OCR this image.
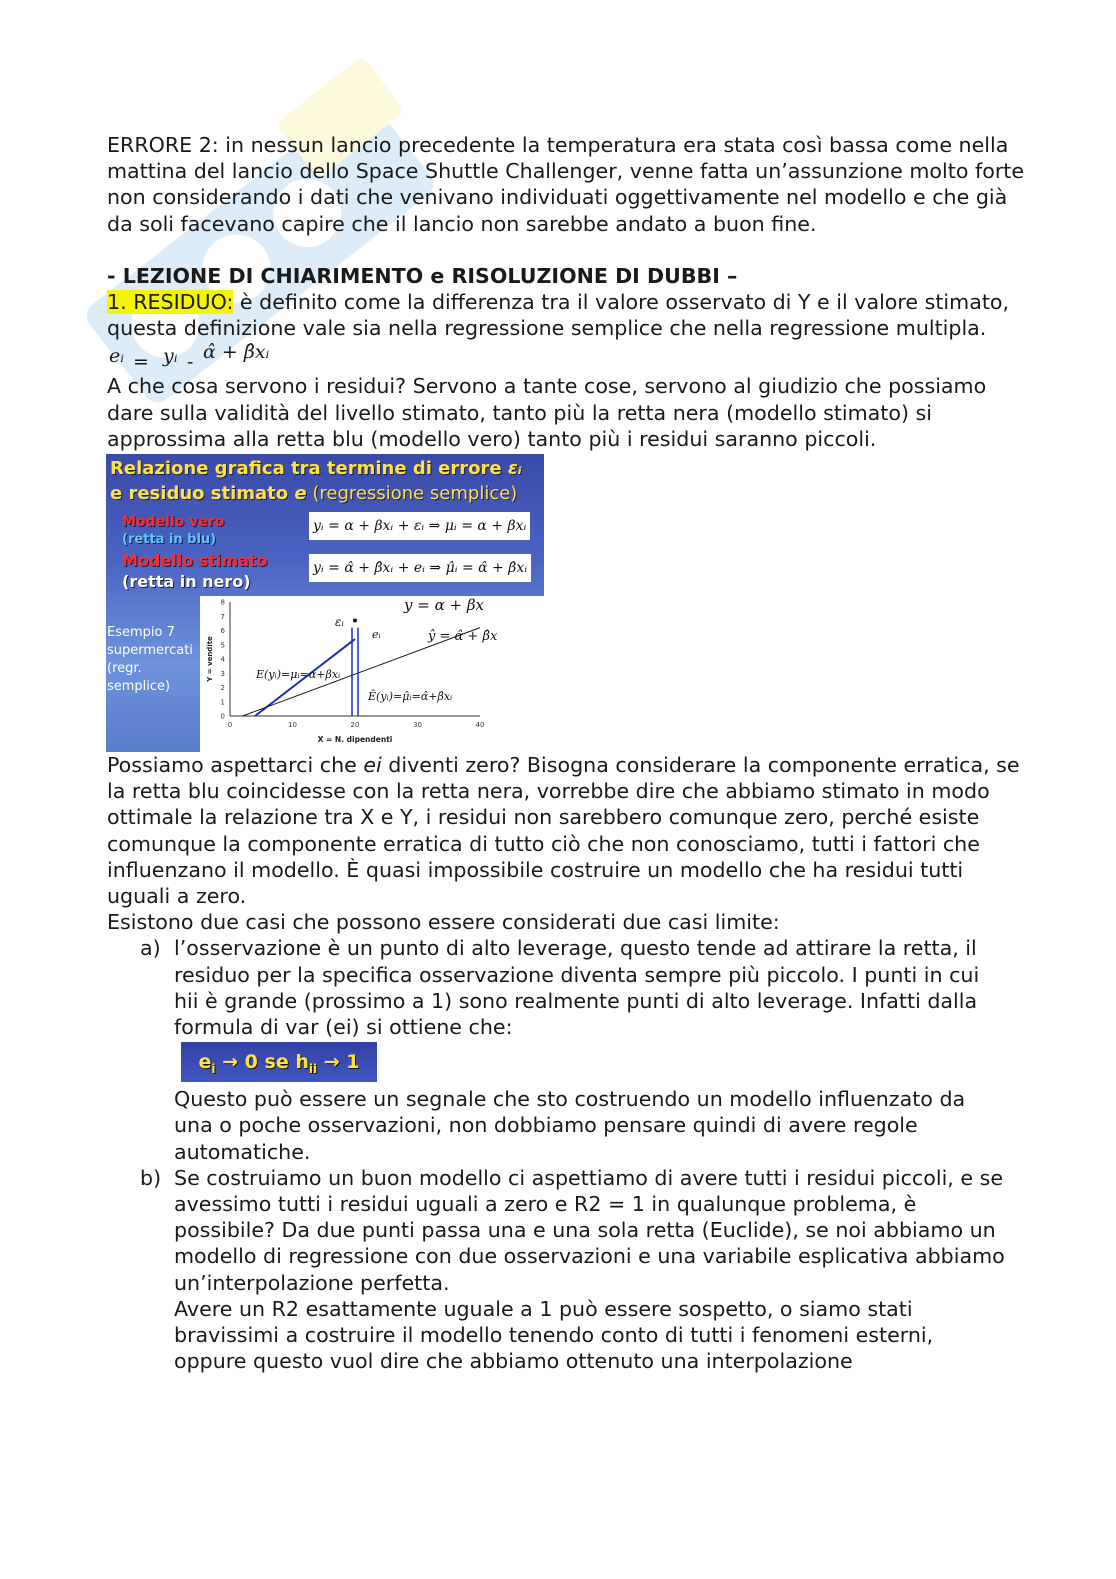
ERRORE 2: in nessun lancio precedente la temperatura era stata così bassa come nella mattina del lancio dello Space Shuttle Challenger, venne fatta un’assunzione molto forte non considerando i dati che venivano individuati oggettivamente nel modello e che già da soli facevano capire che il lancio non sarebbe andato a buon fine.

- LEZIONE DI CHIARIMENTO e RISOLUZIONE DI DUBBI –

1. RESIDUO: è definito come la differenza tra il valore osservato di Y e il valore stimato, questa definizione vale sia nella regressione semplice che nella regressione multipla.

eᵢ = yᵢ - α̂ + β̂xᵢ

A che cosa servono i residui? Servono a tante cose, servono al giudizio che possiamo dare sulla validità del livello stimato, tanto più la retta nera (modello stimato) si approssima alla retta blu (modello vero) tanto più i residui saranno piccoli.

Relazione grafica tra termine di errore εᵢ e residuo stimato e (regressione semplice)
Modello vero
(retta in blu)
Modello stimato
(retta in nero)
yᵢ = α + βxᵢ + εᵢ ⇒ μᵢ = α + βxᵢ
yᵢ = α̂ + β̂xᵢ + eᵢ ⇒ μ̂ᵢ = α̂ + β̂xᵢ
Esempio 7 supermercati (regr. semplice)
0	10	20	30	40
0
1
2
3
4
5
6
7
8
X = N. dipendenti
Y = vendite
y = α + βx
ŷ = α̂ + β̂x
εᵢ
eᵢ
E(yᵢ)=μᵢ=α+βxᵢ
Ê(yᵢ)=μ̂ᵢ=α̂+β̂xᵢ

Possiamo aspettarci che ei diventi zero? Bisogna considerare la componente erratica, se la retta blu coincidesse con la retta nera, vorrebbe dire che abbiamo stimato in modo ottimale la relazione tra X e Y, i residui non sarebbero comunque zero, perché esiste comunque la componente erratica di tutto ciò che non conosciamo, tutti i fattori che influenzano il modello. È quasi impossibile costruire un modello che ha residui tutti uguali a zero.

Esistono due casi che possono essere considerati due casi limite:

a) l’osservazione è un punto di alto leverage, questo tende ad attirare la retta, il residuo per la specifica osservazione diventa sempre più piccolo. I punti in cui hii è grande (prossimo a 1) sono realmente punti di alto leverage. Infatti dalla formula di var (ei) si ottiene che:

$e_i \to 0$ se $h_{ii} \to 1$

Questo può essere un segnale che sto costruendo un modello influenzato da una o poche osservazioni, non dobbiamo pensare quindi di avere regole automatiche.

b) Se costruiamo un buon modello ci aspettiamo di avere tutti i residui piccoli, e se avessimo tutti i residui uguali a zero e R2 = 1 in qualunque problema, è possibile? Da due punti passa una e una sola retta (Euclide), se noi abbiamo un modello di regressione con due osservazioni e una variabile esplicativa abbiamo un’interpolazione perfetta.

Avere un R2 esattamente uguale a 1 può essere sospetto, o siamo stati bravissimi a costruire il modello tenendo conto di tutti i fenomeni esterni, oppure questo vuol dire che abbiamo ottenuto una interpolazione
